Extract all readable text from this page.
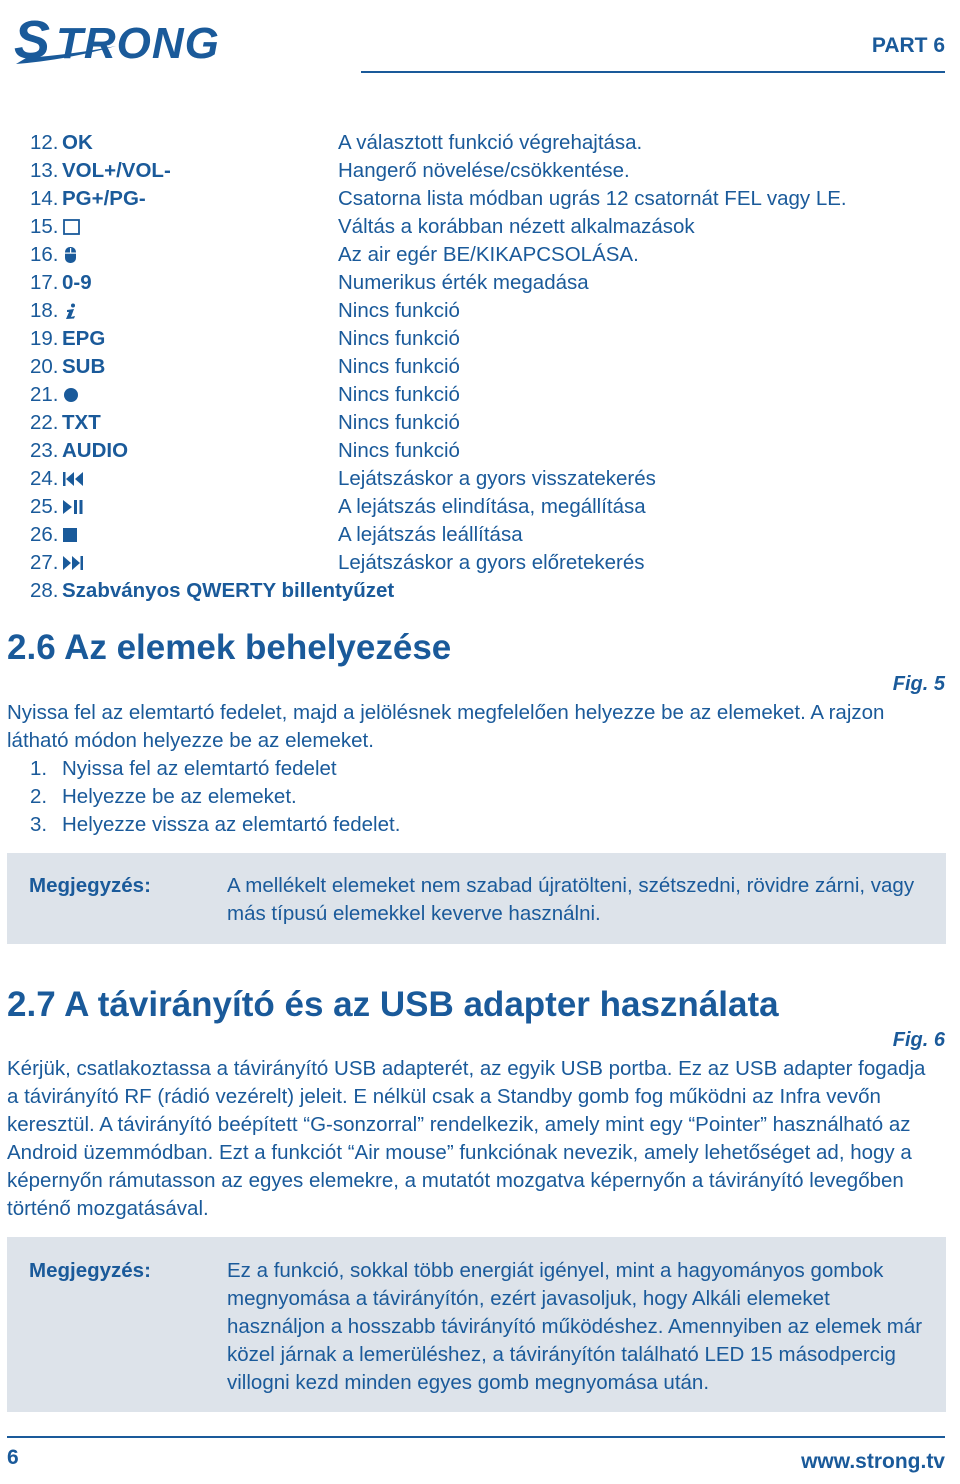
S TRONG	PART 6
12. OK	A választott funkció végrehajtása.
13. VOL+/VOL-	Hangerő növelése/csökkentése.
14. PG+/PG-	Csatorna lista módban ugrás 12 csatornát FEL vagy LE.
15.	Váltás a korábban nézett alkalmazások
16.	Az air egér BE/KIKAPCSOLÁSA.
17. 0-9	Numerikus érték megadása
18.	Nincs funkció
19. EPG	Nincs funkció
20. SUB	Nincs funkció
21.	Nincs funkció
22. TXT	Nincs funkció
23. AUDIO	Nincs funkció
24.	Lejátszáskor a gyors visszatekerés
25.	A lejátszás elindítása, megállítása
26.	A lejátszás leállítása
27.	Lejátszáskor a gyors előretekerés
28. Szabványos QWERTY billentyűzet
2.6 Az elemek behelyezése
Fig. 5

Nyissa fel az elemtartó fedelet, majd a jelölésnek megfelelően helyezze be az elemeket. A rajzon látható módon helyezze be az elemeket.

1. Nyissa fel az elemtartó fedelet
2. Helyezze be az elemeket.
3. Helyezze vissza az elemtartó fedelet.
Megjegyzés:	A mellékelt elemeket nem szabad újratölteni, szétszedni, rövidre zárni, vagy más típusú elemekkel keverve használni.
2.7 A távirányító és az USB adapter használata
Fig. 6

Kérjük, csatlakoztassa a távirányító USB adapterét, az egyik USB portba. Ez az USB adapter fogadja a távirányító RF (rádió vezérelt) jeleit. E nélkül csak a Standby gomb fog működni az Infra vevőn keresztül. A távirányító beépített “G-sonzorral” rendelkezik, amely mint egy “Pointer” használható az Android üzemmódban. Ezt a funkciót “Air mouse” funkciónak nevezik, amely lehetőséget ad, hogy a képernyőn rámutasson az egyes elemekre, a mutatót mozgatva képernyőn a távirányító levegőben történő mozgatásával.

Megjegyzés:	Ez a funkció, sokkal több energiát igényel, mint a hagyományos gombok megnyomása a távirányítón, ezért javasoljuk, hogy Alkáli elemeket használjon a hosszabb távirányító működéshez. Amennyiben az elemek már közel járnak a lemerüléshez, a távirányítón található LED 15 másodpercig villogni kezd minden egyes gomb megnyomása után.
6	www.strong.tv
